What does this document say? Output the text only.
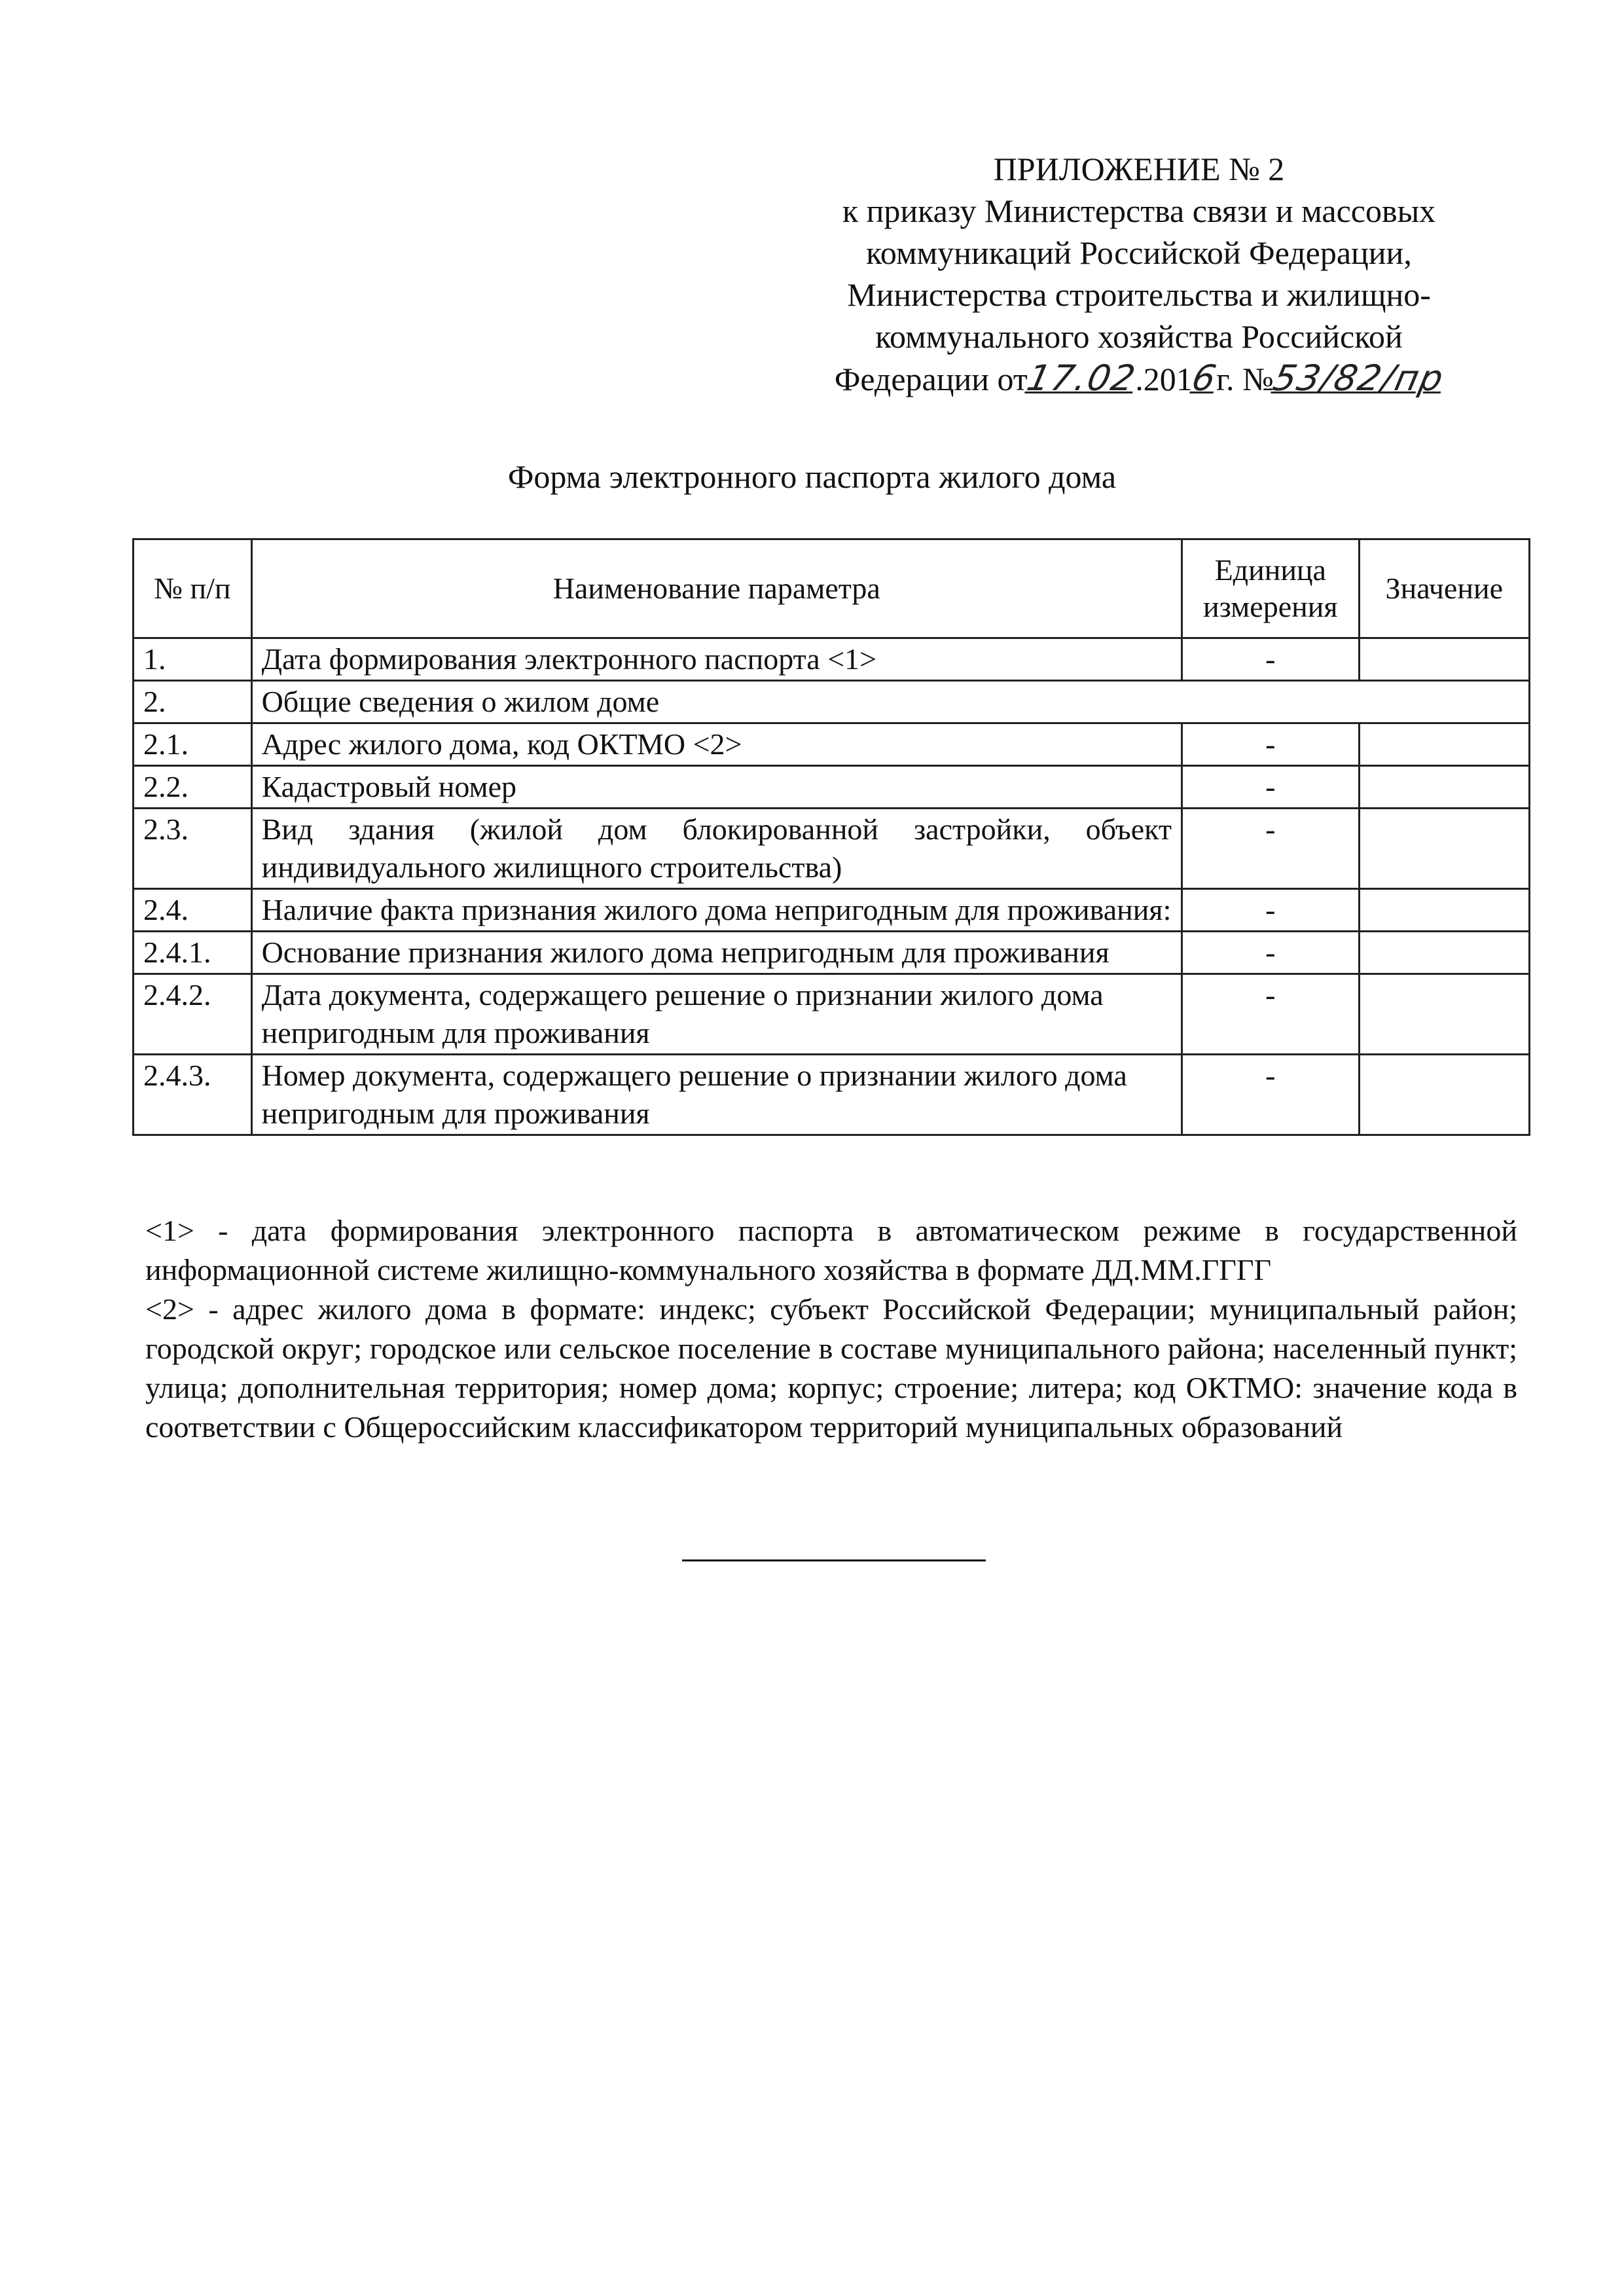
ПРИЛОЖЕНИЕ № 2
к приказу Министерства связи и массовых
коммуникаций Российской Федерации,
Министерства строительства и жилищно-
коммунального хозяйства Российской
Федерации от17.02.2016г. №53/82/пр
Форма электронного паспорта жилого дома
№ п/п	Наименование параметра	Единица измерения	Значение
1.	Дата формирования электронного паспорта <1>	-	
2.	Общие сведения о жилом доме		
2.1.	Адрес жилого дома, код ОКТМО <2>	-	
2.2.	Кадастровый номер	-	
2.3.	Вид здания (жилой дом блокированной застройки, объект индивидуального жилищного строительства)	-	
2.4.	Наличие факта признания жилого дома непригодным для проживания:	-	
2.4.1.	Основание признания жилого дома непригодным для проживания	-	
2.4.2.	Дата документа, содержащего решение о признании жилого дома непригодным для проживания	-	
2.4.3.	Номер документа, содержащего решение о признании жилого дома непригодным для проживания	-	

<1> - дата формирования электронного паспорта в автоматическом режиме в государственной информационной системе жилищно-коммунального хозяйства в формате ДД.ММ.ГГГГ

<2> - адрес жилого дома в формате: индекс; субъект Российской Федерации; муниципальный район; городской округ; городское или сельское поселение в составе муниципального района; населенный пункт; улица; дополнительная территория; номер дома; корпус; строение; литера; код ОКТМО: значение кода в соответствии с Общероссийским классификатором территорий муниципальных образований
